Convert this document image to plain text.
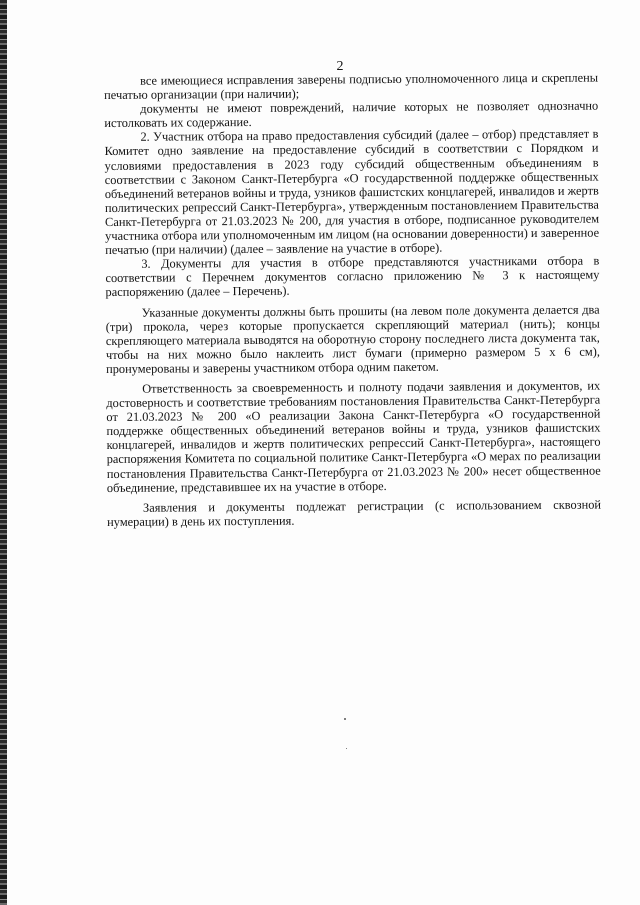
2

все имеющиеся исправления заверены подписью уполномоченного лица и скреплены печатью организации (при наличии);

документы не имеют повреждений, наличие которых не позволяет однозначно истолковать их содержание.

2. Участник отбора на право предоставления субсидий (далее – отбор) представляет в Комитет одно заявление на предоставление субсидий в соответствии с Порядком и условиями предоставления в 2023 году субсидий общественным объединениям в соответствии с Законом Санкт-Петербурга «О государственной поддержке общественных объединений ветеранов войны и труда, узников фашистских концлагерей, инвалидов и жертв политических репрессий Санкт-Петербурга», утвержденным постановлением Правительства Санкт-Петербурга от 21.03.2023 № 200, для участия в отборе, подписанное руководителем участника отбора или уполномоченным им лицом (на основании доверенности) и заверенное печатью (при наличии) (далее – заявление на участие в отборе).

3. Документы для участия в отборе представляются участниками отбора в соответствии с Перечнем документов согласно приложению № 3 к настоящему распоряжению (далее – Перечень).

Указанные документы должны быть прошиты (на левом поле документа делается два (три) прокола, через которые пропускается скрепляющий материал (нить); концы скрепляющего материала выводятся на оборотную сторону последнего листа документа так, чтобы на них можно было наклеить лист бумаги (примерно размером 5 х 6 см), пронумерованы и заверены участником отбора одним пакетом.

Ответственность за своевременность и полноту подачи заявления и документов, их достоверность и соответствие требованиям постановления Правительства Санкт-Петербурга от 21.03.2023 № 200 «О реализации Закона Санкт-Петербурга «О государственной поддержке общественных объединений ветеранов войны и труда, узников фашистских концлагерей, инвалидов и жертв политических репрессий Санкт-Петербурга», настоящего распоряжения Комитета по социальной политике Санкт-Петербурга «О мерах по реализации постановления Правительства Санкт-Петербурга от 21.03.2023 № 200» несет общественное объединение, представившее их на участие в отборе.

Заявления и документы подлежат регистрации (с использованием сквозной нумерации) в день их поступления.
